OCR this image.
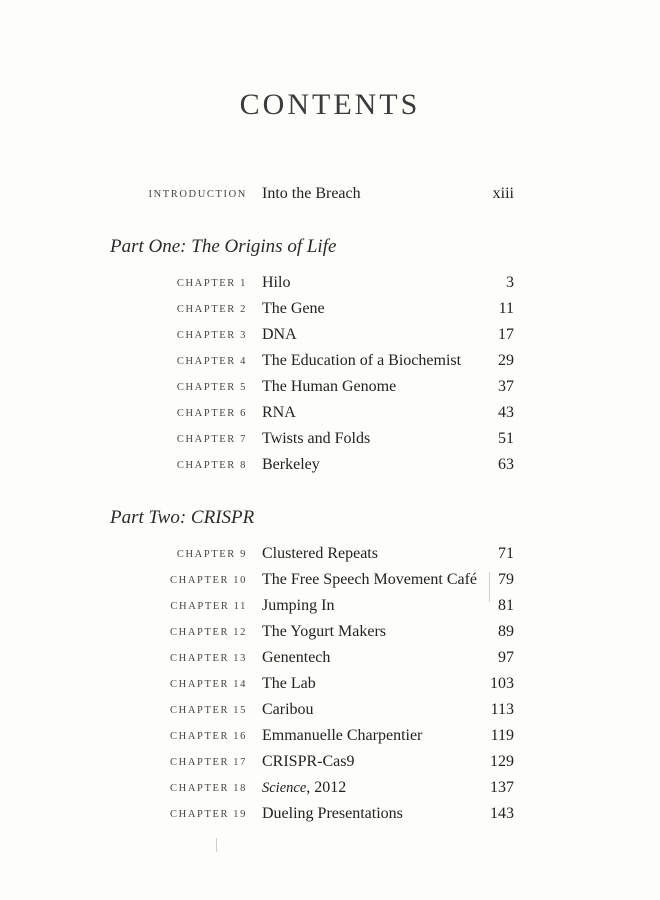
CONTENTS
INTRODUCTION Into the Breach	xiii
Part One: The Origins of Life
CHAPTER 1 Hilo	3
CHAPTER 2 The Gene	11
CHAPTER 3 DNA	17
CHAPTER 4 The Education of a Biochemist 29
CHAPTER 5 The Human Genome	37
CHAPTER 6 RNA	43
CHAPTER 7 Twists and Folds	51
CHAPTER 8 Berkeley	63
Part Two: CRISPR
CHAPTER 9 Clustered Repeats	71
CHAPTER 10 The Free Speech Movement Café 79
CHAPTER 11 Jumping In	81
CHAPTER 12 The Yogurt Makers	89
CHAPTER 13 Genentech	97
CHAPTER 14 The Lab	103
CHAPTER 15 Caribou	113
CHAPTER 16 Emmanuelle Charpentier	119
CHAPTER 17 CRISPR-Cas9	129
CHAPTER 18 Science, 2012	137
CHAPTER 19 Dueling Presentations	143
